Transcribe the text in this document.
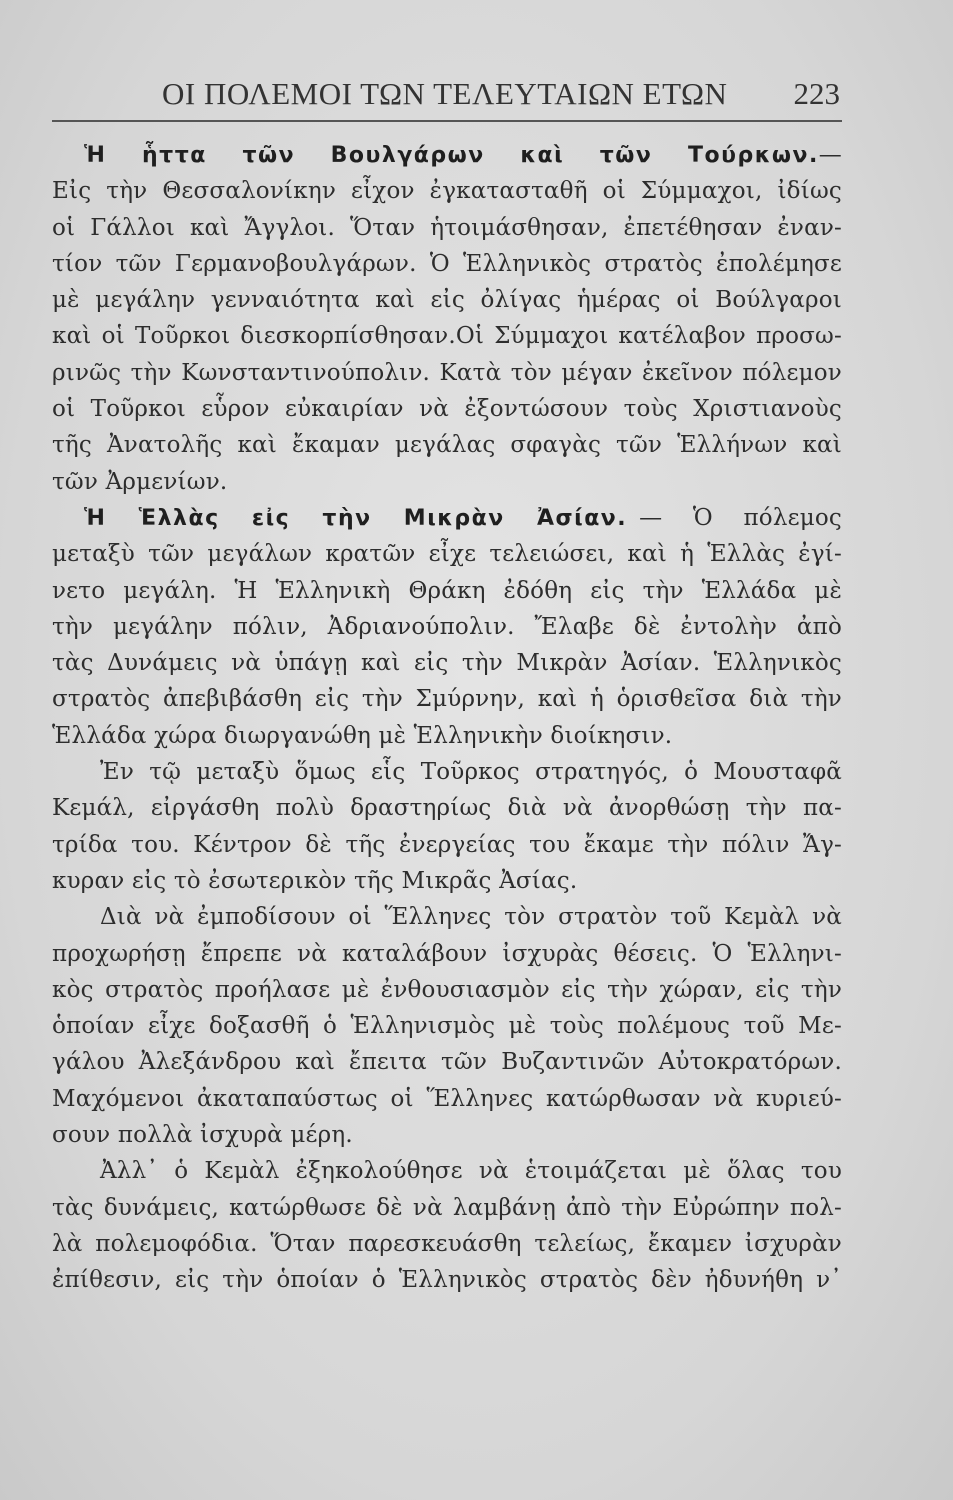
ΟΙ ΠΟΛΕΜΟΙ ΤΩΝ ΤΕΛΕΥΤΑΙΩΝ ΕΤΩΝ 223
Ἡ ἧττα τῶν Βουλγάρων καὶ τῶν Τούρκων.—
Εἰς τὴν Θεσσαλονίκην εἶχον ἐγκατασταθῆ οἱ Σύμμαχοι, ἰδίως
οἱ Γάλλοι καὶ Ἄγγλοι. Ὅταν ἡτοιμάσθησαν, ἐπετέθησαν ἐναν-
τίον τῶν Γερμανοβουλγάρων. Ὁ Ἑλληνικὸς στρατὸς ἐπολέμησε
μὲ μεγάλην γενναιότητα καὶ εἰς ὀλίγας ἡμέρας οἱ Βούλγαροι
καὶ οἱ Τοῦρκοι διεσκορπίσθησαν.Οἱ Σύμμαχοι κατέλαβον προσω-
ρινῶς τὴν Κωνσταντινούπολιν. Κατὰ τὸν μέγαν ἐκεῖνον πόλεμον
οἱ Τοῦρκοι εὗρον εὐκαιρίαν νὰ ἐξοντώσουν τοὺς Χριστιανοὺς
τῆς Ἀνατολῆς καὶ ἔκαμαν μεγάλας σφαγὰς τῶν Ἑλλήνων καὶ
τῶν Ἀρμενίων.
Ἡ Ἑλλὰς εἰς τὴν Μικρὰν Ἀσίαν. — Ὁ πόλεμος
μεταξὺ τῶν μεγάλων κρατῶν εἶχε τελειώσει, καὶ ἡ Ἑλλὰς ἐγί-
νετο μεγάλη. Ἡ Ἑλληνικὴ Θράκη ἐδόθη εἰς τὴν Ἑλλάδα μὲ
τὴν μεγάλην πόλιν, Ἀδριανούπολιν. Ἔλαβε δὲ ἐντολὴν ἀπὸ
τὰς Δυνάμεις νὰ ὑπάγῃ καὶ εἰς τὴν Μικρὰν Ἀσίαν. Ἑλληνικὸς
στρατὸς ἀπεβιβάσθη εἰς τὴν Σμύρνην, καὶ ἡ ὁρισθεῖσα διὰ τὴν
Ἑλλάδα χώρα διωργανώθη μὲ Ἑλληνικὴν διοίκησιν.
Ἐν τῷ μεταξὺ ὅμως εἷς Τοῦρκος στρατηγός, ὁ Μουσταφᾶ
Κεμάλ, εἰργάσθη πολὺ δραστηρίως διὰ νὰ ἀνορθώσῃ τὴν πα-
τρίδα του. Κέντρον δὲ τῆς ἐνεργείας του ἔκαμε τὴν πόλιν Ἄγ-
κυραν εἰς τὸ ἐσωτερικὸν τῆς Μικρᾶς Ἀσίας.
Διὰ νὰ ἐμποδίσουν οἱ Ἕλληνες τὸν στρατὸν τοῦ Κεμὰλ νὰ
προχωρήσῃ ἔπρεπε νὰ καταλάβουν ἰσχυρὰς θέσεις. Ὁ Ἑλληνι-
κὸς στρατὸς προήλασε μὲ ἐνθουσιασμὸν εἰς τὴν χώραν, εἰς τὴν
ὁποίαν εἶχε δοξασθῆ ὁ Ἑλληνισμὸς μὲ τοὺς πολέμους τοῦ Με-
γάλου Ἀλεξάνδρου καὶ ἔπειτα τῶν Βυζαντινῶν Αὐτοκρατόρων.
Μαχόμενοι ἀκαταπαύστως οἱ Ἕλληνες κατώρθωσαν νὰ κυριεύ-
σουν πολλὰ ἰσχυρὰ μέρη.
Ἀλλ᾽ ὁ Κεμὰλ ἐξηκολούθησε νὰ ἑτοιμάζεται μὲ ὅλας του
τὰς δυνάμεις, κατώρθωσε δὲ νὰ λαμβάνῃ ἀπὸ τὴν Εὐρώπην πολ-
λὰ πολεμοφόδια. Ὅταν παρεσκευάσθη τελείως, ἔκαμεν ἰσχυρὰν
ἐπίθεσιν, εἰς τὴν ὁποίαν ὁ Ἑλληνικὸς στρατὸς δὲν ἠδυνήθη ν᾽
